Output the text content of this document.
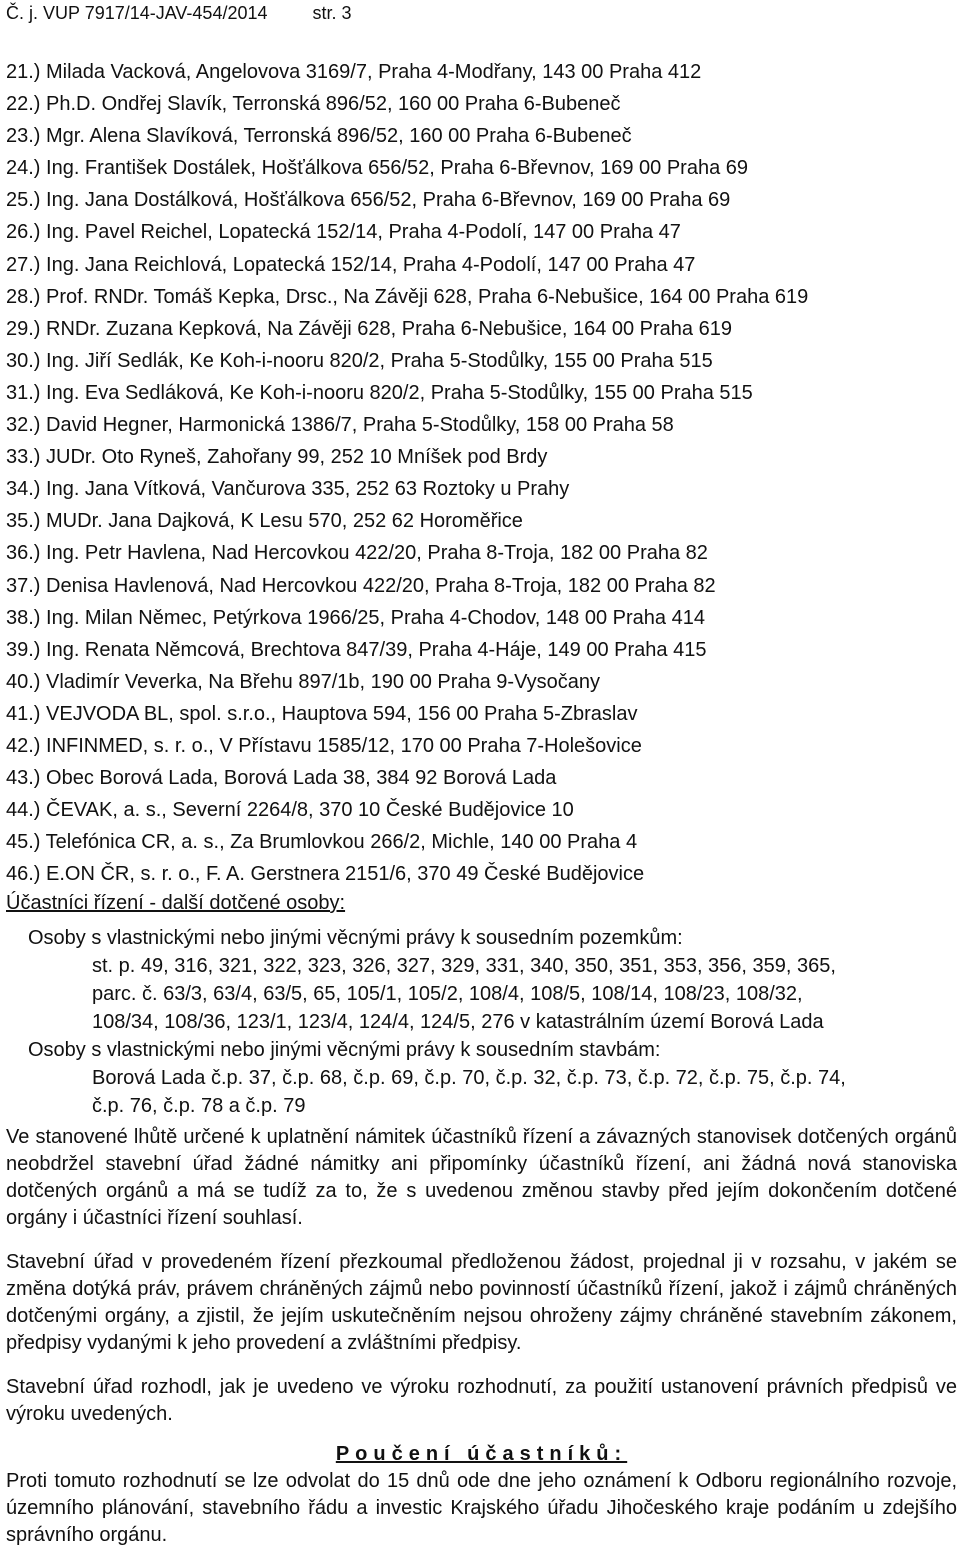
Č. j. VUP 7917/14-JAV-454/2014	str. 3
21.) Milada Vacková, Angelovova 3169/7, Praha 4-Modřany, 143 00 Praha 412
22.) Ph.D. Ondřej Slavík, Terronská 896/52, 160 00 Praha 6-Bubeneč
23.) Mgr. Alena Slavíková, Terronská 896/52, 160 00 Praha 6-Bubeneč
24.) Ing. František Dostálek, Hošťálkova 656/52, Praha 6-Břevnov, 169 00 Praha 69
25.) Ing. Jana Dostálková, Hošťálkova 656/52, Praha 6-Břevnov, 169 00 Praha 69
26.) Ing. Pavel Reichel, Lopatecká 152/14, Praha 4-Podolí, 147 00 Praha 47
27.) Ing. Jana Reichlová, Lopatecká 152/14, Praha 4-Podolí, 147 00 Praha 47
28.) Prof. RNDr. Tomáš Kepka, Drsc., Na Závěji 628, Praha 6-Nebušice, 164 00 Praha 619
29.) RNDr. Zuzana Kepková, Na Závěji 628, Praha 6-Nebušice, 164 00 Praha 619
30.) Ing. Jiří Sedlák, Ke Koh-i-nooru 820/2, Praha 5-Stodůlky, 155 00 Praha 515
31.) Ing. Eva Sedláková, Ke Koh-i-nooru 820/2, Praha 5-Stodůlky, 155 00 Praha 515
32.) David Hegner, Harmonická 1386/7, Praha 5-Stodůlky, 158 00 Praha 58
33.) JUDr. Oto Ryneš, Zahořany 99, 252 10 Mníšek pod Brdy
34.) Ing. Jana Vítková, Vančurova 335, 252 63 Roztoky u Prahy
35.) MUDr. Jana Dajková, K Lesu 570, 252 62 Horoměřice
36.) Ing. Petr Havlena, Nad Hercovkou 422/20, Praha 8-Troja, 182 00 Praha 82
37.) Denisa Havlenová, Nad Hercovkou 422/20, Praha 8-Troja, 182 00 Praha 82
38.) Ing. Milan Němec, Petýrkova 1966/25, Praha 4-Chodov, 148 00 Praha 414
39.) Ing. Renata Němcová, Brechtova 847/39, Praha 4-Háje, 149 00 Praha 415
40.) Vladimír Veverka, Na Břehu 897/1b, 190 00 Praha 9-Vysočany
41.) VEJVODA BL, spol. s.r.o., Hauptova 594, 156 00 Praha 5-Zbraslav
42.) INFINMED, s. r. o., V Přístavu 1585/12, 170 00 Praha 7-Holešovice
43.) Obec Borová Lada, Borová Lada 38, 384 92 Borová Lada
44.) ČEVAK, a. s., Severní 2264/8, 370 10 České Budějovice 10
45.) Telefónica CR, a. s., Za Brumlovkou 266/2, Michle, 140 00 Praha 4
46.) E.ON ČR, s. r. o., F. A. Gerstnera 2151/6, 370 49 České Budějovice
Účastníci řízení - další dotčené osoby:
Osoby s vlastnickými nebo jinými věcnými právy k sousedním pozemkům:
st. p. 49, 316, 321, 322, 323, 326, 327, 329, 331, 340, 350, 351, 353, 356, 359, 365,
parc. č. 63/3, 63/4, 63/5, 65, 105/1, 105/2, 108/4, 108/5, 108/14, 108/23, 108/32,
108/34, 108/36, 123/1, 123/4, 124/4, 124/5, 276 v katastrálním území Borová Lada
Osoby s vlastnickými nebo jinými věcnými právy k sousedním stavbám:
Borová Lada č.p. 37, č.p. 68, č.p. 69, č.p. 70, č.p. 32, č.p. 73, č.p. 72, č.p. 75, č.p. 74,
č.p. 76, č.p. 78 a č.p. 79
Ve stanovené lhůtě určené k uplatnění námitek účastníků řízení a závazných stanovisek dotčených orgánů neobdržel stavební úřad žádné námitky ani připomínky účastníků řízení, ani žádná nová stanoviska dotčených orgánů a má se tudíž za to, že s uvedenou změnou stavby před jejím dokončením dotčené orgány i účastníci řízení souhlasí.
Stavební úřad v provedeném řízení přezkoumal předloženou žádost, projednal ji v rozsahu, v jakém se změna dotýká práv, právem chráněných zájmů nebo povinností účastníků řízení, jakož i zájmů chráněných dotčenými orgány, a zjistil, že jejím uskutečněním nejsou ohroženy zájmy chráněné stavebním zákonem, předpisy vydanými k jeho provedení a zvláštními předpisy.
Stavební úřad rozhodl, jak je uvedeno ve výroku rozhodnutí, za použití ustanovení právních předpisů ve výroku uvedených.
Poučení účastníků:
Proti tomuto rozhodnutí se lze odvolat do 15 dnů ode dne jeho oznámení k Odboru regionálního rozvoje, územního plánování, stavebního řádu a investic Krajského úřadu Jihočeského kraje podáním u zdejšího správního orgánu.
